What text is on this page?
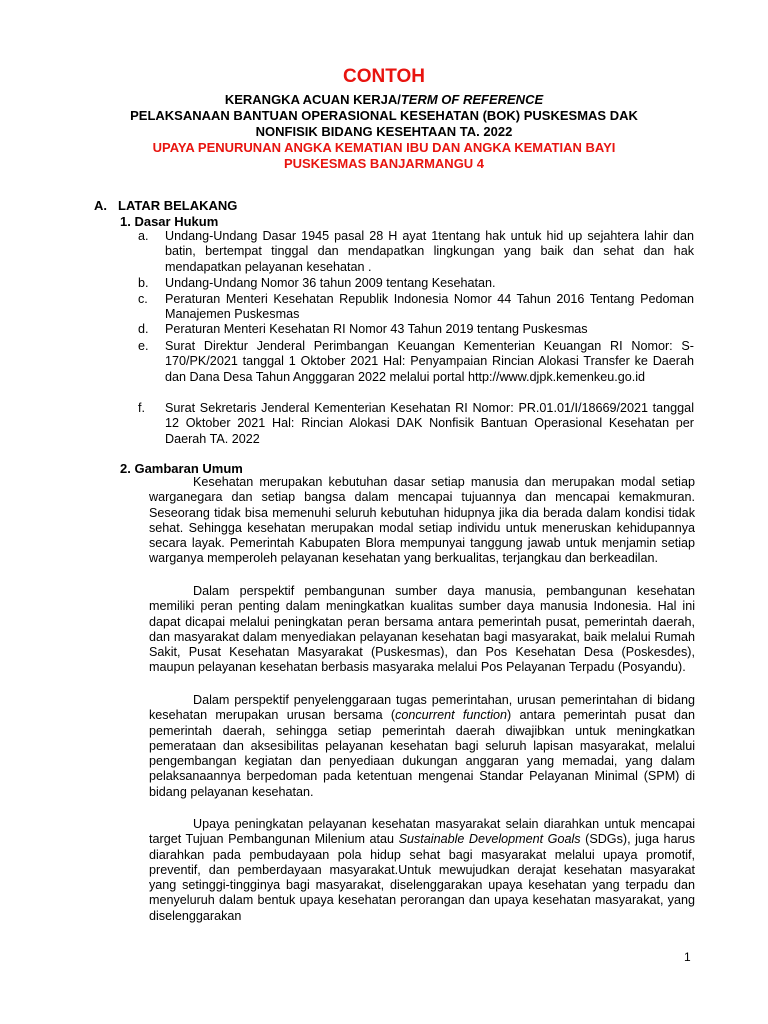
CONTOH
KERANGKA ACUAN KERJA/TERM OF REFERENCE
PELAKSANAAN BANTUAN OPERASIONAL KESEHATAN (BOK) PUSKESMAS DAK
NONFISIK BIDANG KESEHTAAN TA. 2022
UPAYA PENURUNAN ANGKA KEMATIAN IBU DAN ANGKA KEMATIAN BAYI
PUSKESMAS BANJARMANGU 4
A. LATAR BELAKANG
1. Dasar Hukum
a. Undang-Undang Dasar 1945 pasal 28 H ayat 1tentang hak untuk hid up sejahtera lahir dan batin, bertempat tinggal dan mendapatkan lingkungan yang baik dan sehat dan hak mendapatkan pelayanan kesehatan .
b. Undang-Undang Nomor 36 tahun 2009 tentang Kesehatan.
c. Peraturan Menteri Kesehatan Republik Indonesia Nomor 44 Tahun 2016 Tentang Pedoman Manajemen Puskesmas
d. Peraturan Menteri Kesehatan RI Nomor 43 Tahun 2019 tentang Puskesmas
e. Surat Direktur Jenderal Perimbangan Keuangan Kementerian Keuangan RI Nomor: S-170/PK/2021 tanggal 1 Oktober 2021 Hal: Penyampaian Rincian Alokasi Transfer ke Daerah dan Dana Desa Tahun Angggaran 2022 melalui portal http://www.djpk.kemenkeu.go.id
f. Surat Sekretaris Jenderal Kementerian Kesehatan RI Nomor: PR.01.01/I/18669/2021 tanggal 12 Oktober 2021 Hal: Rincian Alokasi DAK Nonfisik Bantuan Operasional Kesehatan per Daerah TA. 2022
2. Gambaran Umum

Kesehatan merupakan kebutuhan dasar setiap manusia dan merupakan modal setiap warganegara dan setiap bangsa dalam mencapai tujuannya dan mencapai kemakmuran. Seseorang tidak bisa memenuhi seluruh kebutuhan hidupnya jika dia berada dalam kondisi tidak sehat. Sehingga kesehatan merupakan modal setiap individu untuk meneruskan kehidupannya secara layak. Pemerintah Kabupaten Blora mempunyai tanggung jawab untuk menjamin setiap warganya memperoleh pelayanan kesehatan yang berkualitas, terjangkau dan berkeadilan.

Dalam perspektif pembangunan sumber daya manusia, pembangunan kesehatan memiliki peran penting dalam meningkatkan kualitas sumber daya manusia Indonesia. Hal ini dapat dicapai melalui peningkatan peran bersama antara pemerintah pusat, pemerintah daerah, dan masyarakat dalam menyediakan pelayanan kesehatan bagi masyarakat, baik melalui Rumah Sakit, Pusat Kesehatan Masyarakat (Puskesmas), dan Pos Kesehatan Desa (Poskesdes), maupun pelayanan kesehatan berbasis masyaraka melalui Pos Pelayanan Terpadu (Posyandu).

Dalam perspektif penyelenggaraan tugas pemerintahan, urusan pemerintahan di bidang kesehatan merupakan urusan bersama (concurrent function) antara pemerintah pusat dan pemerintah daerah, sehingga setiap pemerintah daerah diwajibkan untuk meningkatkan pemerataan dan aksesibilitas pelayanan kesehatan bagi seluruh lapisan masyarakat, melalui pengembangan kegiatan dan penyediaan dukungan anggaran yang memadai, yang dalam pelaksanaannya berpedoman pada ketentuan mengenai Standar Pelayanan Minimal (SPM) di bidang pelayanan kesehatan.

Upaya peningkatan pelayanan kesehatan masyarakat selain diarahkan untuk mencapai target Tujuan Pembangunan Milenium atau Sustainable Development Goals (SDGs), juga harus diarahkan pada pembudayaan pola hidup sehat bagi masyarakat melalui upaya promotif, preventif, dan pemberdayaan masyarakat.Untuk mewujudkan derajat kesehatan masyarakat yang setinggi-tingginya bagi masyarakat, diselenggarakan upaya kesehatan yang terpadu dan menyeluruh dalam bentuk upaya kesehatan perorangan dan upaya kesehatan masyarakat, yang diselenggarakan

1
